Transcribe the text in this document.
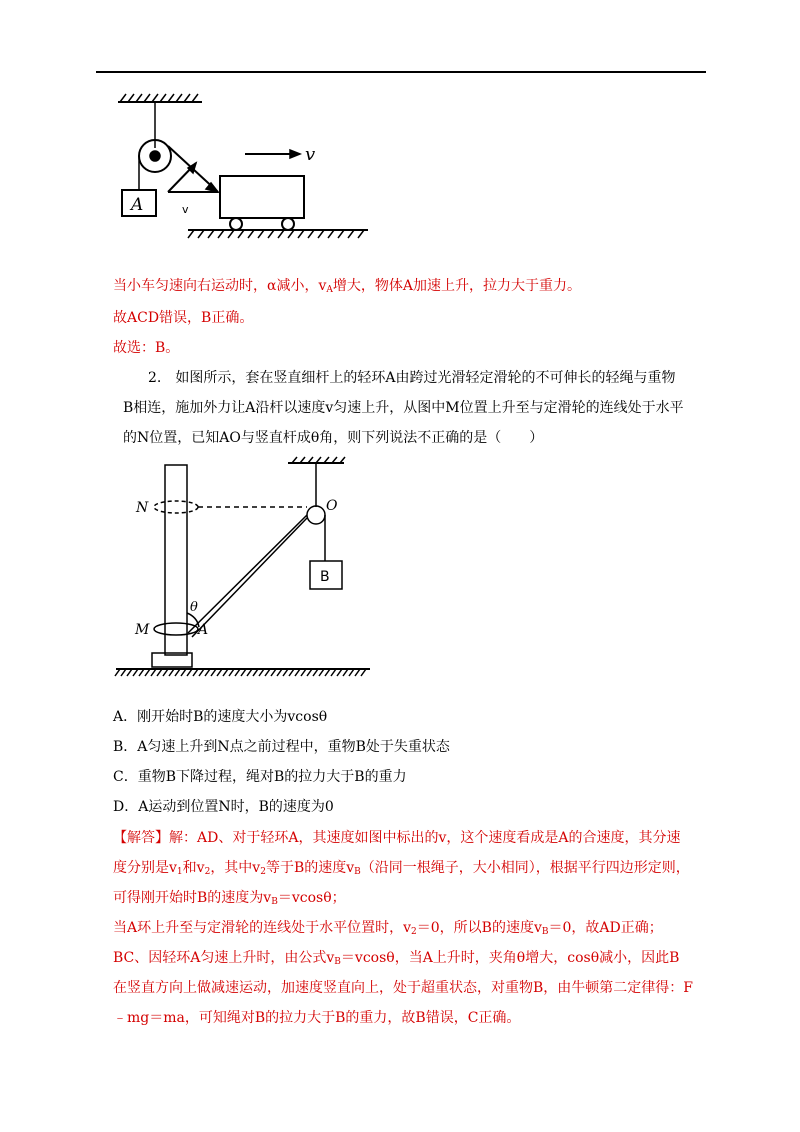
A
v
v
当小车匀速向右运动时，α减小，$v_A$增大，物体A加速上升，拉力大于重力。
故ACD错误，B正确。
故选：B。
2.　如图所示，套在竖直细杆上的轻环A由跨过光滑轻定滑轮的不可伸长的轻绳与重物
B相连，施加外力让A沿杆以速度v匀速上升，从图中M位置上升至与定滑轮的连线处于水平
的N位置，已知AO与竖直杆成θ角，则下列说法不正确的是（　　）
N	O
B
θ
M	A
A．刚开始时B的速度大小为vcosθ
B．A匀速上升到N点之前过程中，重物B处于失重状态
C．重物B下降过程，绳对B的拉力大于B的重力
D．A运动到位置N时，B的速度为0
【解答】解：AD、对于轻环A，其速度如图中标出的v，这个速度看成是A的合速度，其分速
度分别是$v_1$和$v_2$，其中$v_2$等于B的速度$v_B$（沿同一根绳子，大小相同），根据平行四边形定则，
可得刚开始时B的速度为$v_B=vcos\theta$；
当A环上升至与定滑轮的连线处于水平位置时，$v_2=0$，所以B的速度$v_B=0$，故AD正确；
BC、因轻环A匀速上升时，由公式$v_B=vcos\theta$，当A上升时，夹角θ增大，cosθ减小，因此B
在竖直方向上做减速运动，加速度竖直向上，处于超重状态，对重物B，由牛顿第二定律得：F
﹣mg＝ma，可知绳对B的拉力大于B的重力，故B错误，C正确。
